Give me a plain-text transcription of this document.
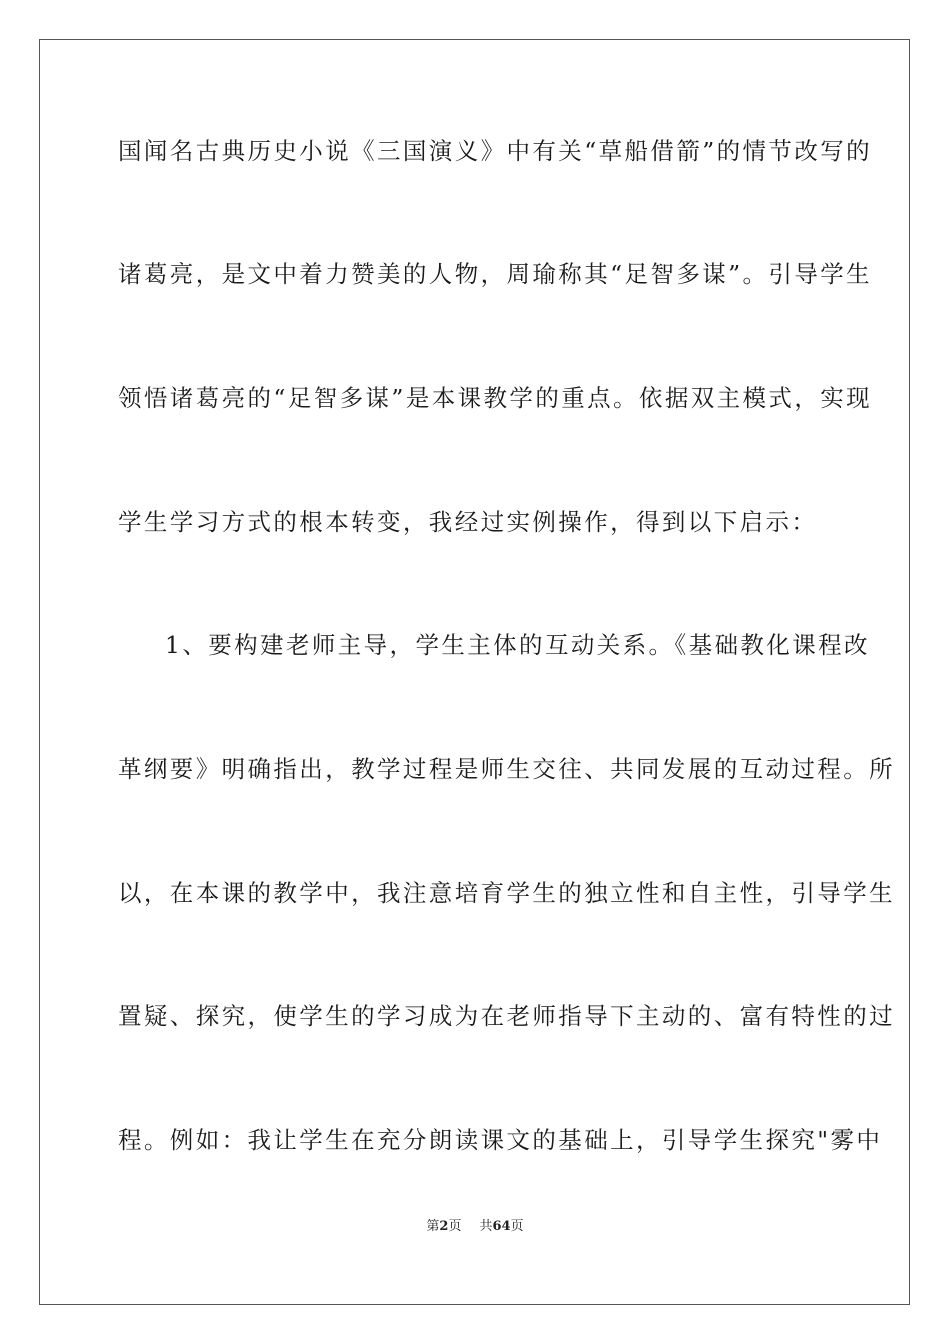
国闻名古典历史小说《三国演义》中有关“草船借箭”的情节改写的
诸葛亮，是文中着力赞美的人物，周瑜称其“足智多谋”。引导学生
领悟诸葛亮的“足智多谋”是本课教学的重点。依据双主模式，实现
学生学习方式的根本转变，我经过实例操作，得到以下启示：
1、要构建老师主导，学生主体的互动关系。《基础教化课程改
革纲要》明确指出，教学过程是师生交往、共同发展的互动过程。所
以，在本课的教学中，我注意培育学生的独立性和自主性，引导学生
置疑、探究，使学生的学习成为在老师指导下主动的、富有特性的过
程。例如：我让学生在充分朗读课文的基础上，引导学生探究"雾中
第2页 共64页
